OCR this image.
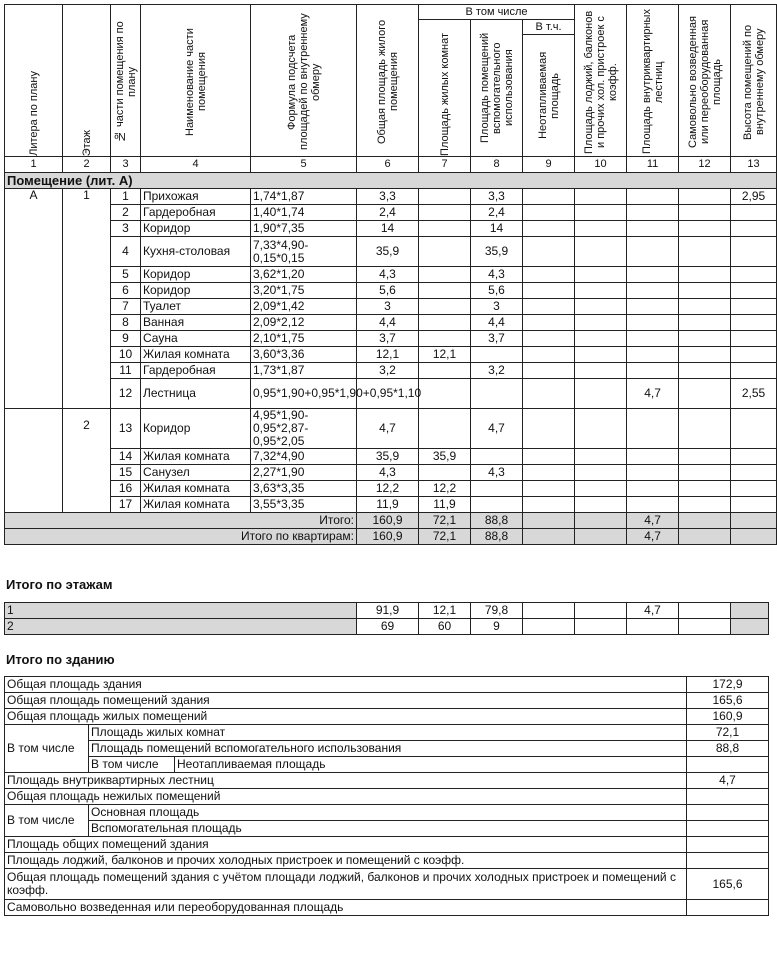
Литера по плану	Этаж	№ части помещения по плану	Наименование части помещения	Формула подсчета площадей по внутреннему обмеру	Общая площадь жилого помещения	В том числе			Площадь лоджий, балконов и прочих хол. пристроек с коэфф.	Площадь внутриквартирных лестниц	Самовольно возведенная или переоборудованная площадь	Высота помещений по внутреннему обмеру

						Площадь жилых комнат	Площадь помещений вспомогательного использования	В т.ч.				

								Неотапливаемая площадь				

1	2	3	4	5	6	7	8	9	10	11	12	13
Помещение (лит. А)												
А	1	1	Прихожая	1,74*1,87	3,3		3,3					2,95
		2	Гардеробная	1,40*1,74	2,4		2,4					
		3	Коридор	1,90*7,35	14		14					
		4	Кухня-столовая	7,33*4,90-0,15*0,15	35,9		35,9					
		5	Коридор	3,62*1,20	4,3		4,3					
		6	Коридор	3,20*1,75	5,6		5,6					
		7	Туалет	2,09*1,42	3		3					
		8	Ванная	2,09*2,12	4,4		4,4					
		9	Сауна	2,10*1,75	3,7		3,7					
		10	Жилая комната	3,60*3,36	12,1	12,1						
		11	Гардеробная	1,73*1,87	3,2		3,2					
		12	Лестница	0,95*1,90+0,95*1,90+0,95*1,10						4,7		2,55
	2	13	Коридор	4,95*1,90-0,95*2,87-0,95*2,05	4,7		4,7					
		14	Жилая комната	7,32*4,90	35,9	35,9						
		15	Санузел	2,27*1,90	4,3		4,3					
		16	Жилая комната	3,63*3,35	12,2	12,2						
		17	Жилая комната	3,55*3,35	11,9	11,9						
Итого:					160,9	72,1	88,8			4,7		
Итого по квартирам:					160,9	72,1	88,8			4,7		
Итого по этажам
1	91,9	12,1	79,8			4,7		
2	69	60	9					
Итого по зданию
Общая площадь здания			172,9
Общая площадь помещений здания			165,6
Общая площадь жилых помещений			160,9
В том числе	Площадь жилых комнат		72,1
	Площадь помещений вспомогательного использования		88,8
	В том числе	Неотапливаемая площадь	
Площадь внутриквартирных лестниц			4,7
Общая площадь нежилых помещений			
В том числе	Основная площадь		
	Вспомогательная площадь		
Площадь общих помещений здания			
Площадь лоджий, балконов и прочих холодных пристроек и помещений с коэфф.			
Общая площадь помещений здания с учётом площади лоджий, балконов и прочих холодных пристроек и помещений с коэфф.			165,6
Самовольно возведенная или переоборудованная площадь			
